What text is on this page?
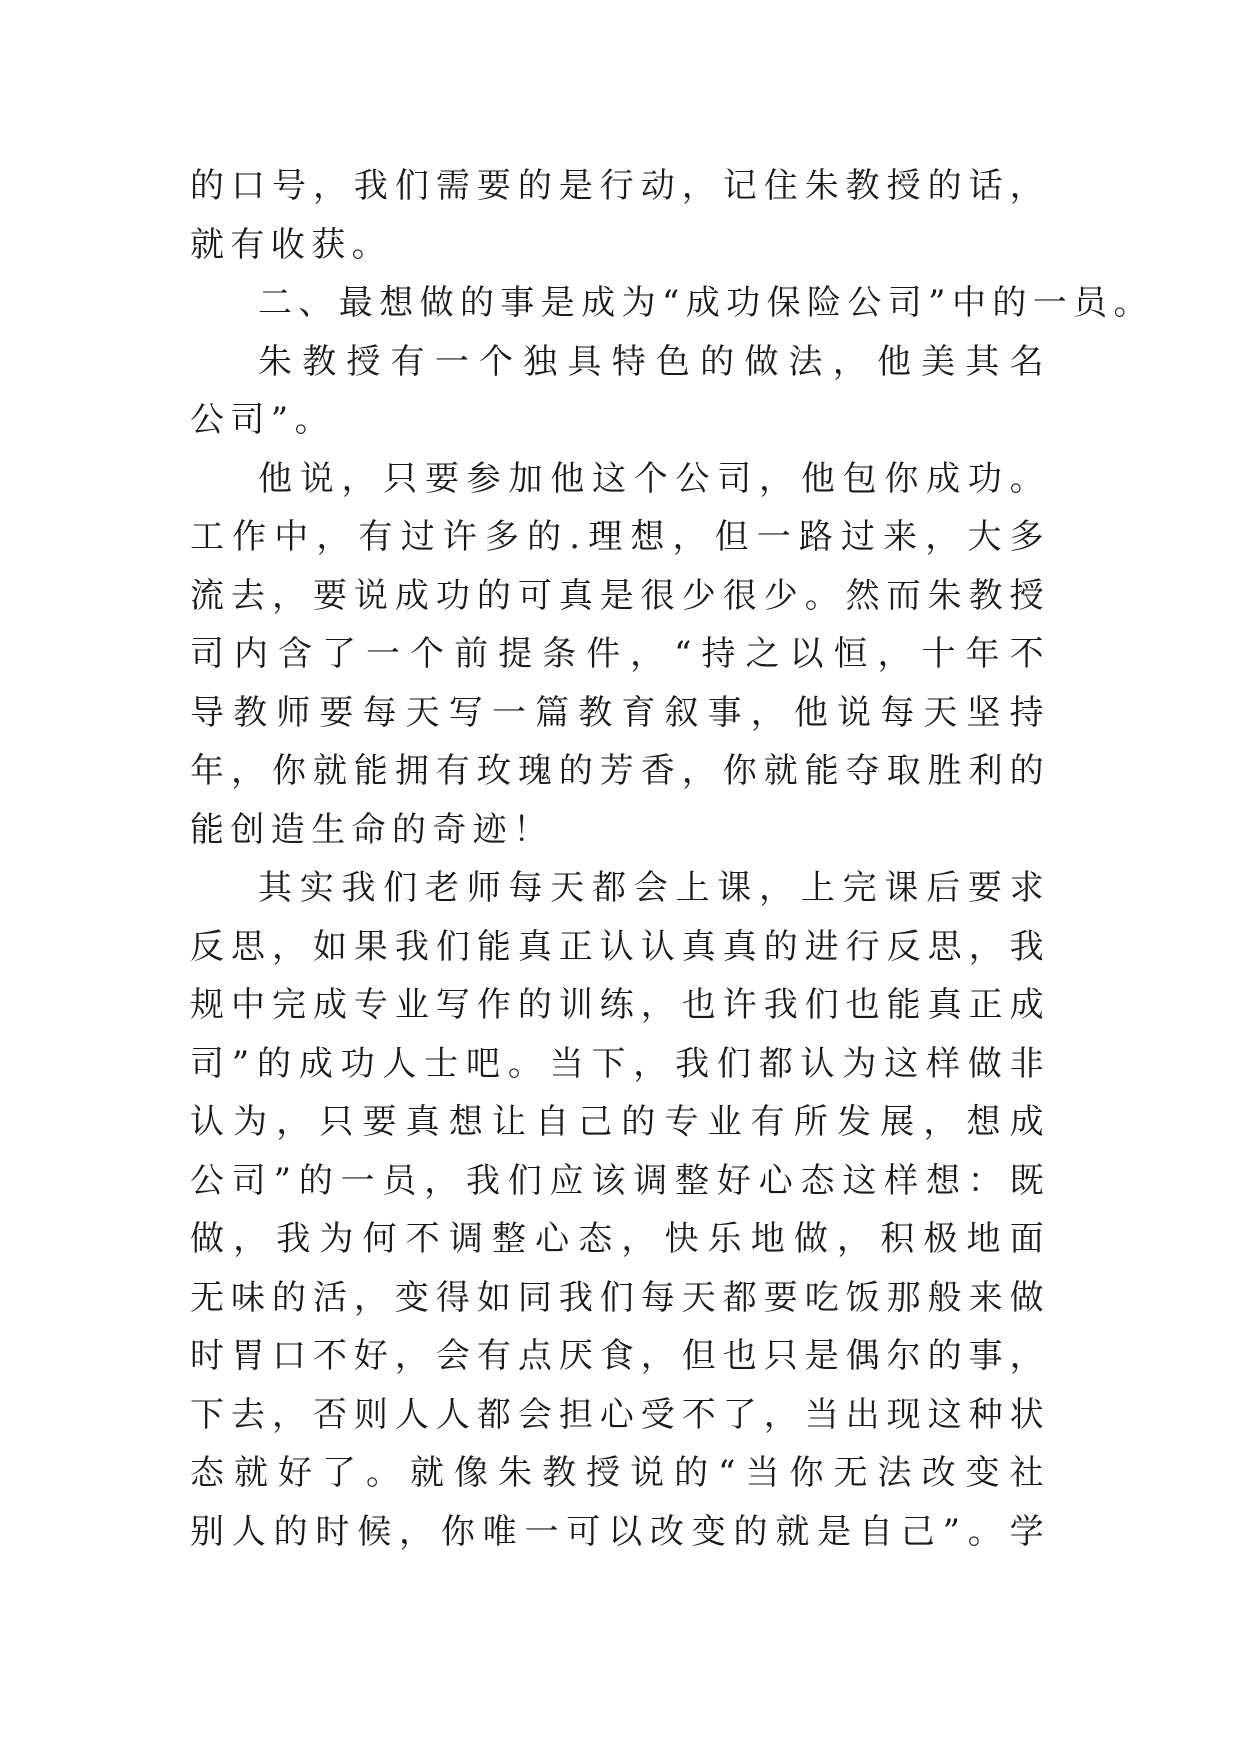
的口号，我们需要的是行动，记住朱教授的话，
就有收获。
二、最想做的事是成为“成功保险公司”中的一员。
朱教授有一个独具特色的做法，他美其名
公司”。
他说，只要参加他这个公司，他包你成功。
工作中，有过许多的.理想，但一路过来，大多
流去，要说成功的可真是很少很少。然而朱教授
司内含了一个前提条件，“持之以恒，十年不
导教师要每天写一篇教育叙事，他说每天坚持
年，你就能拥有玫瑰的芳香，你就能夺取胜利的
能创造生命的奇迹！
其实我们老师每天都会上课，上完课后要求
反思，如果我们能真正认认真真的进行反思，我
规中完成专业写作的训练，也许我们也能真正成
司”的成功人士吧。当下，我们都认为这样做非
认为，只要真想让自己的专业有所发展，想成
公司”的一员，我们应该调整好心态这样想：既
做，我为何不调整心态，快乐地做，积极地面
无味的活，变得如同我们每天都要吃饭那般来做
时胃口不好，会有点厌食，但也只是偶尔的事，
下去，否则人人都会担心受不了，当出现这种状
态就好了。就像朱教授说的“当你无法改变社
别人的时候，你唯一可以改变的就是自己”。学
